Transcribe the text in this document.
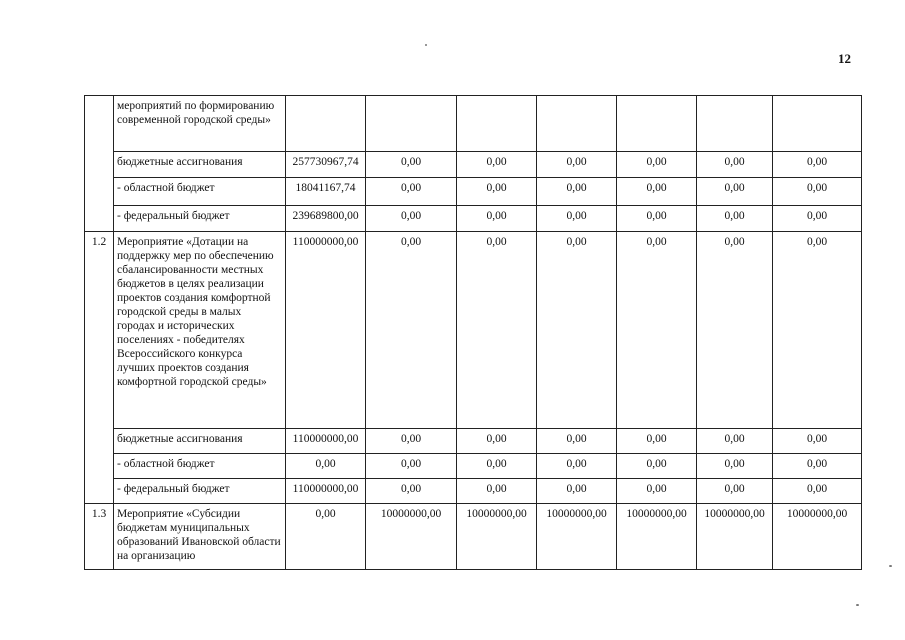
12
	мероприятий по формированию современной городской среды»							
	бюджетные ассигнования	257730967,74	0,00	0,00	0,00	0,00	0,00	0,00
	- областной бюджет	18041167,74	0,00	0,00	0,00	0,00	0,00	0,00
	- федеральный бюджет	239689800,00	0,00	0,00	0,00	0,00	0,00	0,00
1.2	Мероприятие «Дотации на поддержку мер по обеспечению сбалансированности местных бюджетов в целях реализации проектов создания комфортной городской среды в малых городах и исторических поселениях - победителях Всероссийского конкурса лучших проектов создания комфортной городской среды»	110000000,00	0,00	0,00	0,00	0,00	0,00	0,00
	бюджетные ассигнования	110000000,00	0,00	0,00	0,00	0,00	0,00	0,00
	- областной бюджет	0,00	0,00	0,00	0,00	0,00	0,00	0,00
	- федеральный бюджет	110000000,00	0,00	0,00	0,00	0,00	0,00	0,00
1.3	Мероприятие «Субсидии бюджетам муниципальных образований Ивановской области на организацию	0,00	10000000,00	10000000,00	10000000,00	10000000,00	10000000,00	10000000,00
